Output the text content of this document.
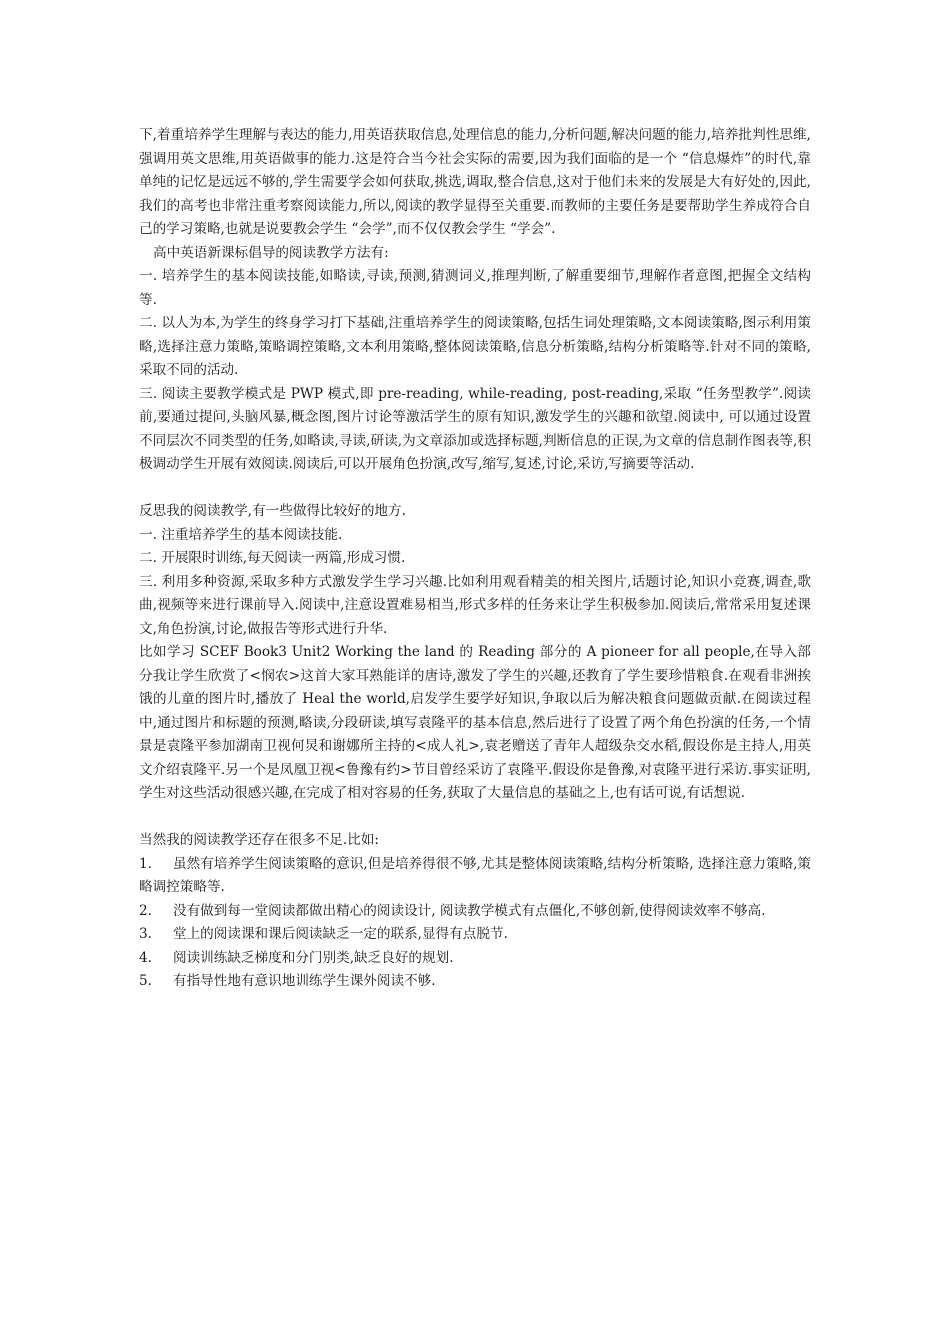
下,着重培养学生理解与表达的能力,用英语获取信息,处理信息的能力,分析问题,解决问题的能力,培养批判性思维,强调用英文思维,用英语做事的能力.这是符合当今社会实际的需要,因为我们面临的是一个 “信息爆炸”的时代,靠单纯的记忆是远远不够的,学生需要学会如何获取,挑选,调取,整合信息,这对于他们未来的发展是大有好处的,因此,我们的高考也非常注重考察阅读能力,所以,阅读的教学显得至关重要.而教师的主要任务是要帮助学生养成符合自己的学习策略,也就是说要教会学生 “会学”,而不仅仅教会学生 “学会”.

高中英语新课标倡导的阅读教学方法有:

一. 培养学生的基本阅读技能,如略读,寻读,预测,猜测词义,推理判断,了解重要细节,理解作者意图,把握全文结构等.

二. 以人为本,为学生的终身学习打下基础,注重培养学生的阅读策略,包括生词处理策略,文本阅读策略,图示利用策略,选择注意力策略,策略调控策略,文本利用策略,整体阅读策略,信息分析策略,结构分析策略等.针对不同的策略,采取不同的活动.

三. 阅读主要教学模式是 PWP 模式,即 pre-reading, while-reading, post-reading,采取 “任务型教学”.阅读前,要通过提问,头脑风暴,概念图,图片讨论等激活学生的原有知识,激发学生的兴趣和欲望.阅读中, 可以通过设置不同层次不同类型的任务,如略读,寻读,研读,为文章添加或选择标题,判断信息的正误,为文章的信息制作图表等,积极调动学生开展有效阅读.阅读后,可以开展角色扮演,改写,缩写,复述,讨论,采访,写摘要等活动.

反思我的阅读教学,有一些做得比较好的地方.

一. 注重培养学生的基本阅读技能.

二. 开展限时训练,每天阅读一两篇,形成习惯.

三. 利用多种资源,采取多种方式激发学生学习兴趣.比如利用观看精美的相关图片,话题讨论,知识小竞赛,调查,歌曲,视频等来进行课前导入.阅读中,注意设置难易相当,形式多样的任务来让学生积极参加.阅读后,常常采用复述课文,角色扮演,讨论,做报告等形式进行升华.

比如学习 SCEF Book3 Unit2 Working the land 的 Reading 部分的 A pioneer for all people,在导入部分我让学生欣赏了<悯农>这首大家耳熟能详的唐诗,激发了学生的兴趣,还教育了学生要珍惜粮食.在观看非洲挨饿的儿童的图片时,播放了 Heal the world,启发学生要学好知识,争取以后为解决粮食问题做贡献.在阅读过程中,通过图片和标题的预测,略读,分段研读,填写袁隆平的基本信息,然后进行了设置了两个角色扮演的任务,一个情景是袁隆平参加湖南卫视何炅和谢娜所主持的<成人礼>,袁老赠送了青年人超级杂交水稻,假设你是主持人,用英文介绍袁隆平.另一个是凤凰卫视<鲁豫有约>节目曾经采访了袁隆平.假设你是鲁豫,对袁隆平进行采访.事实证明,学生对这些活动很感兴趣,在完成了相对容易的任务,获取了大量信息的基础之上,也有话可说,有话想说.

当然我的阅读教学还存在很多不足.比如:

1. 虽然有培养学生阅读策略的意识,但是培养得很不够,尤其是整体阅读策略,结构分析策略, 选择注意力策略,策略调控策略等.

2. 没有做到每一堂阅读都做出精心的阅读设计, 阅读教学模式有点僵化,不够创新,使得阅读效率不够高.

3. 堂上的阅读课和课后阅读缺乏一定的联系,显得有点脱节.

4. 阅读训练缺乏梯度和分门别类,缺乏良好的规划.

5. 有指导性地有意识地训练学生课外阅读不够.
